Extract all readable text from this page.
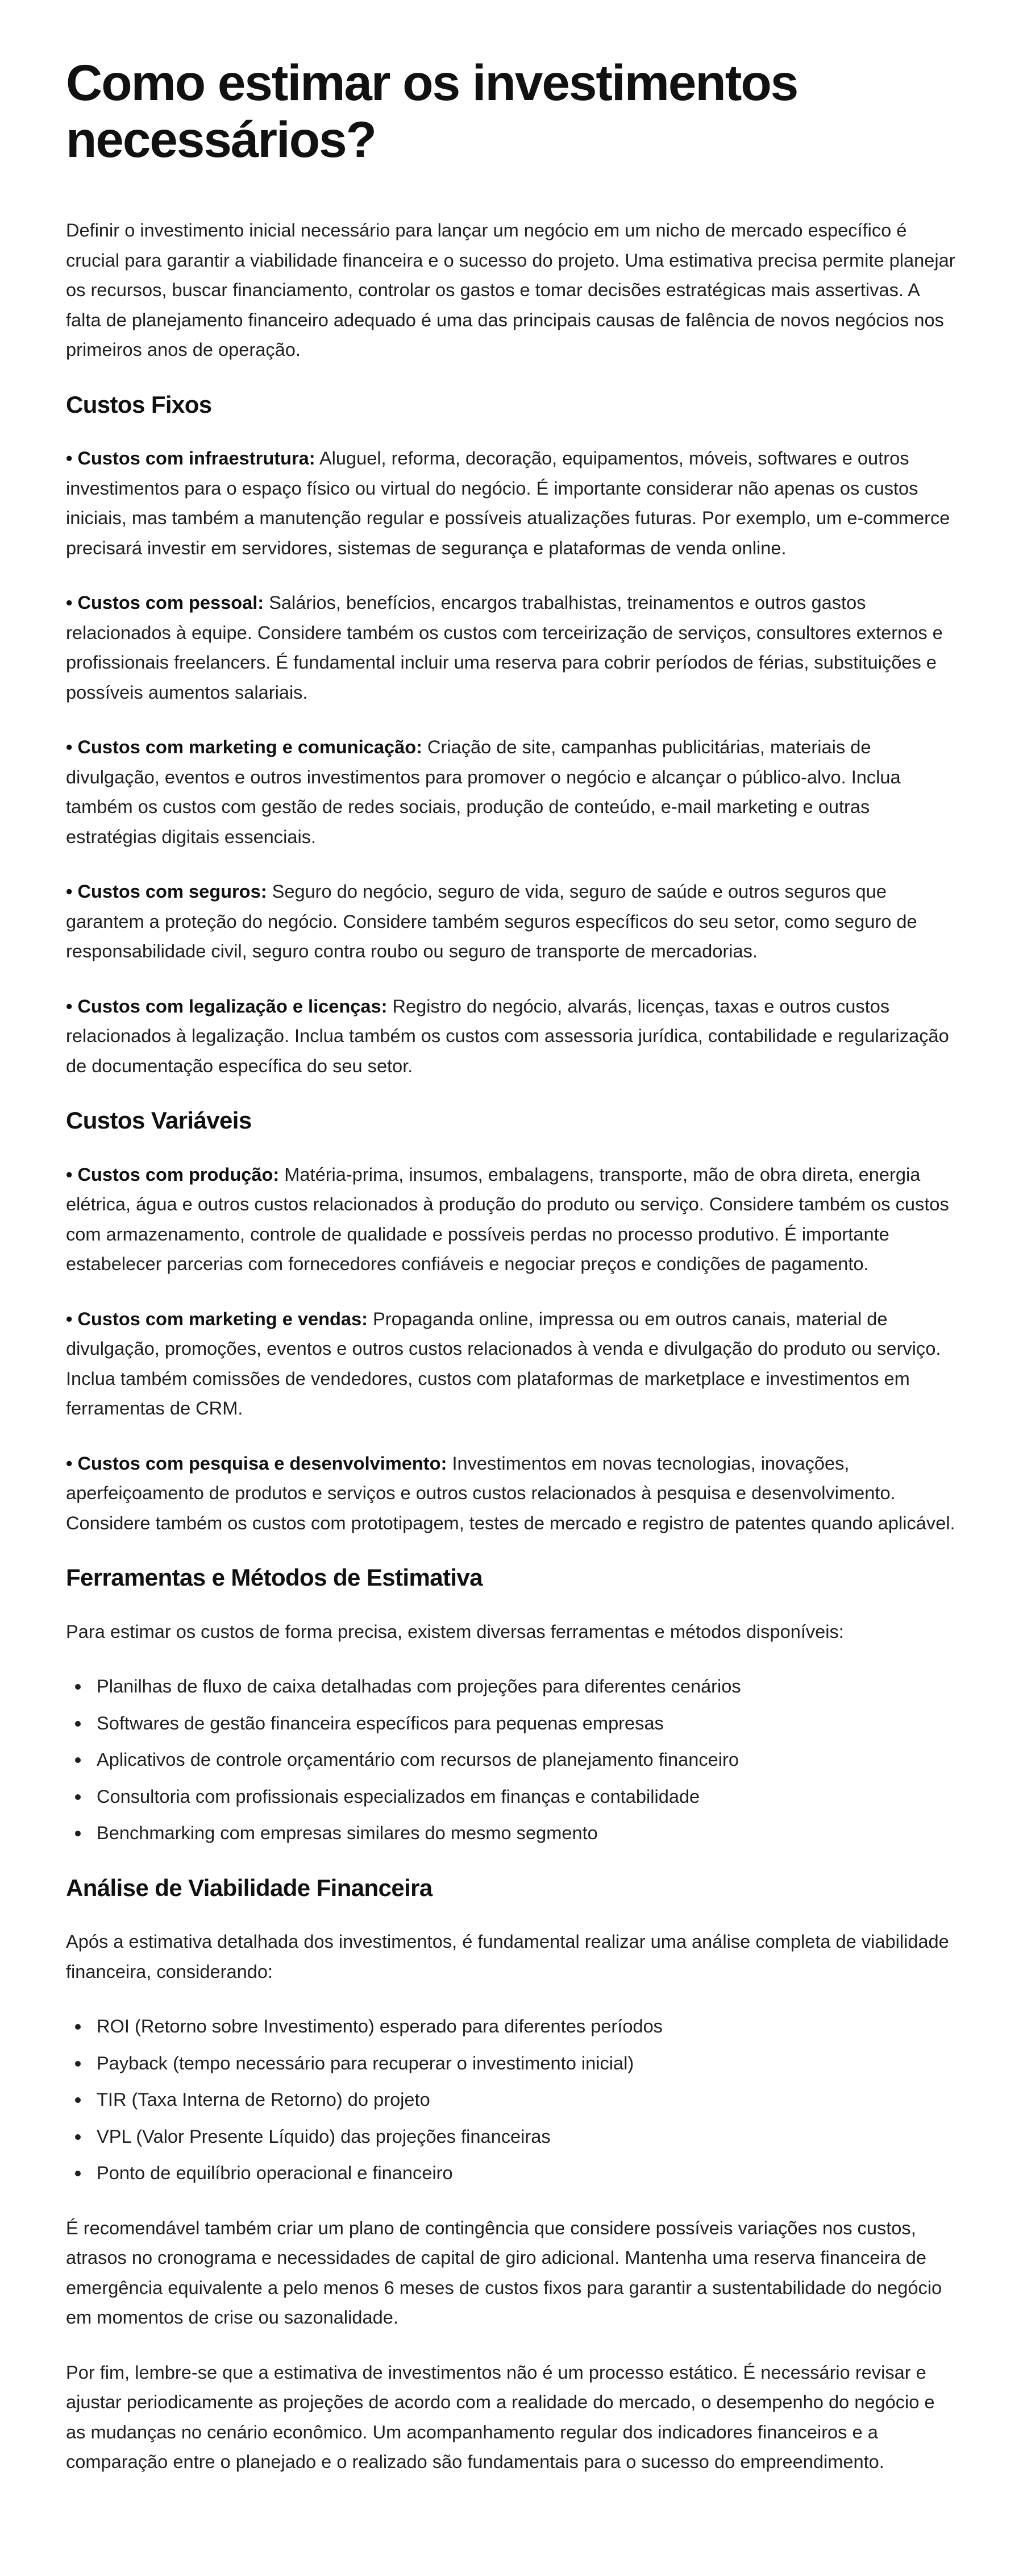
Como estimar os investimentos necessários?

Definir o investimento inicial necessário para lançar um negócio em um nicho de mercado específico é crucial para garantir a viabilidade financeira e o sucesso do projeto. Uma estimativa precisa permite planejar os recursos, buscar financiamento, controlar os gastos e tomar decisões estratégicas mais assertivas. A falta de planejamento financeiro adequado é uma das principais causas de falência de novos negócios nos primeiros anos de operação.

Custos Fixos

• Custos com infraestrutura: Aluguel, reforma, decoração, equipamentos, móveis, softwares e outros investimentos para o espaço físico ou virtual do negócio. É importante considerar não apenas os custos iniciais, mas também a manutenção regular e possíveis atualizações futuras. Por exemplo, um e-commerce precisará investir em servidores, sistemas de segurança e plataformas de venda online.

• Custos com pessoal: Salários, benefícios, encargos trabalhistas, treinamentos e outros gastos relacionados à equipe. Considere também os custos com terceirização de serviços, consultores externos e profissionais freelancers. É fundamental incluir uma reserva para cobrir períodos de férias, substituições e possíveis aumentos salariais.

• Custos com marketing e comunicação: Criação de site, campanhas publicitárias, materiais de divulgação, eventos e outros investimentos para promover o negócio e alcançar o público-alvo. Inclua também os custos com gestão de redes sociais, produção de conteúdo, e-mail marketing e outras estratégias digitais essenciais.

• Custos com seguros: Seguro do negócio, seguro de vida, seguro de saúde e outros seguros que garantem a proteção do negócio. Considere também seguros específicos do seu setor, como seguro de responsabilidade civil, seguro contra roubo ou seguro de transporte de mercadorias.

• Custos com legalização e licenças: Registro do negócio, alvarás, licenças, taxas e outros custos relacionados à legalização. Inclua também os custos com assessoria jurídica, contabilidade e regularização de documentação específica do seu setor.

Custos Variáveis

• Custos com produção: Matéria-prima, insumos, embalagens, transporte, mão de obra direta, energia elétrica, água e outros custos relacionados à produção do produto ou serviço. Considere também os custos com armazenamento, controle de qualidade e possíveis perdas no processo produtivo. É importante estabelecer parcerias com fornecedores confiáveis e negociar preços e condições de pagamento.

• Custos com marketing e vendas: Propaganda online, impressa ou em outros canais, material de divulgação, promoções, eventos e outros custos relacionados à venda e divulgação do produto ou serviço. Inclua também comissões de vendedores, custos com plataformas de marketplace e investimentos em ferramentas de CRM.

• Custos com pesquisa e desenvolvimento: Investimentos em novas tecnologias, inovações, aperfeiçoamento de produtos e serviços e outros custos relacionados à pesquisa e desenvolvimento. Considere também os custos com prototipagem, testes de mercado e registro de patentes quando aplicável.

Ferramentas e Métodos de Estimativa

Para estimar os custos de forma precisa, existem diversas ferramentas e métodos disponíveis:

Planilhas de fluxo de caixa detalhadas com projeções para diferentes cenários
Softwares de gestão financeira específicos para pequenas empresas
Aplicativos de controle orçamentário com recursos de planejamento financeiro
Consultoria com profissionais especializados em finanças e contabilidade
Benchmarking com empresas similares do mesmo segmento
Análise de Viabilidade Financeira

Após a estimativa detalhada dos investimentos, é fundamental realizar uma análise completa de viabilidade financeira, considerando:

ROI (Retorno sobre Investimento) esperado para diferentes períodos
Payback (tempo necessário para recuperar o investimento inicial)
TIR (Taxa Interna de Retorno) do projeto
VPL (Valor Presente Líquido) das projeções financeiras
Ponto de equilíbrio operacional e financeiro

É recomendável também criar um plano de contingência que considere possíveis variações nos custos, atrasos no cronograma e necessidades de capital de giro adicional. Mantenha uma reserva financeira de emergência equivalente a pelo menos 6 meses de custos fixos para garantir a sustentabilidade do negócio em momentos de crise ou sazonalidade.

Por fim, lembre-se que a estimativa de investimentos não é um processo estático. É necessário revisar e ajustar periodicamente as projeções de acordo com a realidade do mercado, o desempenho do negócio e as mudanças no cenário econômico. Um acompanhamento regular dos indicadores financeiros e a comparação entre o planejado e o realizado são fundamentais para o sucesso do empreendimento.
